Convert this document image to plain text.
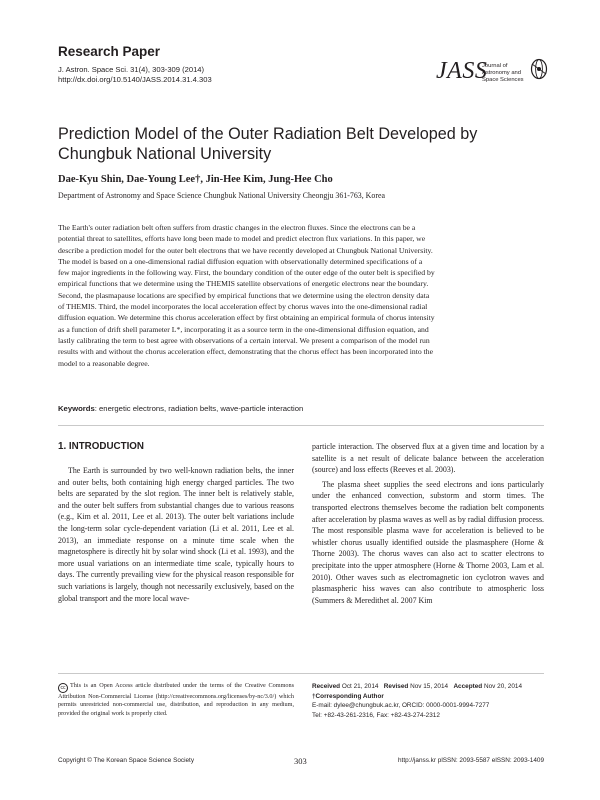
Research Paper
J. Astron. Space Sci. 31(4), 303-309 (2014)
http://dx.doi.org/10.5140/JASS.2014.31.4.303	JASS
Journal of
Astronomy and
Space Sciences
Prediction Model of the Outer Radiation Belt Developed by
Chungbuk National University
Dae-Kyu Shin, Dae-Young Lee†, Jin-Hee Kim, Jung-Hee Cho
Department of Astronomy and Space Science Chungbuk National University Cheongju 361-763, Korea
The Earth's outer radiation belt often suffers from drastic changes in the electron fluxes. Since the electrons can be a
potential threat to satellites, efforts have long been made to model and predict electron flux variations. In this paper, we
describe a prediction model for the outer belt electrons that we have recently developed at Chungbuk National University.
The model is based on a one-dimensional radial diffusion equation with observationally determined specifications of a
few major ingredients in the following way. First, the boundary condition of the outer edge of the outer belt is specified by
empirical functions that we determine using the THEMIS satellite observations of energetic electrons near the boundary.
Second, the plasmapause locations are specified by empirical functions that we determine using the electron density data
of THEMIS. Third, the model incorporates the local acceleration effect by chorus waves into the one-dimensional radial
diffusion equation. We determine this chorus acceleration effect by first obtaining an empirical formula of chorus intensity
as a function of drift shell parameter L*, incorporating it as a source term in the one-dimensional diffusion equation, and
lastly calibrating the term to best agree with observations of a certain interval. We present a comparison of the model run
results with and without the chorus acceleration effect, demonstrating that the chorus effect has been incorporated into the
model to a reasonable degree.
Keywords: energetic electrons, radiation belts, wave-particle interaction
1. INTRODUCTION

The Earth is surrounded by two well-known radiation belts, the inner and outer belts, both containing high energy charged particles. The two belts are separated by the slot region. The inner belt is relatively stable, and the outer belt suffers from substantial changes due to various reasons (e.g., Kim et al. 2011, Lee et al. 2013). The outer belt variations include the long-term solar cycle-dependent variation (Li et al. 2011, Lee et al. 2013), an immediate response on a minute time scale when the magnetosphere is directly hit by solar wind shock (Li et al. 1993), and the more usual variations on an intermediate time scale, typically hours to days. The currently prevailing view for the physical reason responsible for such variations is largely, though not necessarily exclusively, based on the global transport and the more local wave-

particle interaction. The observed flux at a given time and location by a satellite is a net result of delicate balance between the acceleration (source) and loss effects (Reeves et al. 2003).

The plasma sheet supplies the seed electrons and ions particularly under the enhanced convection, substorm and storm times. The transported electrons themselves become the radiation belt components after acceleration by plasma waves as well as by radial diffusion process. The most responsible plasma wave for acceleration is believed to be whistler chorus usually identified outside the plasmasphere (Horne & Thorne 2003). The chorus waves can also act to scatter electrons to precipitate into the upper atmosphere (Horne & Thorne 2003, Lam et al. 2010). Other waves such as electromagnetic ion cyclotron waves and plasmaspheric hiss waves can also contribute to atmospheric loss (Summers & Meredithet al. 2007 Kim

cc This is an Open Access article distributed under the terms of the Creative Commons Attribution Non-Commercial License (http://creativecommons.org/licenses/by-nc/3.0/) which permits unrestricted non-commercial use, distribution, and reproduction in any medium, provided the original work is properly cited.
Received Oct 21, 2014 Revised Nov 15, 2014 Accepted Nov 20, 2014
†Corresponding Author
E-mail: dylee@chungbuk.ac.kr, ORCID: 0000-0001-9994-7277
Tel: +82-43-261-2316, Fax: +82-43-274-2312
Copyright © The Korean Space Science Society	303	http://janss.kr plSSN: 2093-5587 elSSN: 2093-1409
